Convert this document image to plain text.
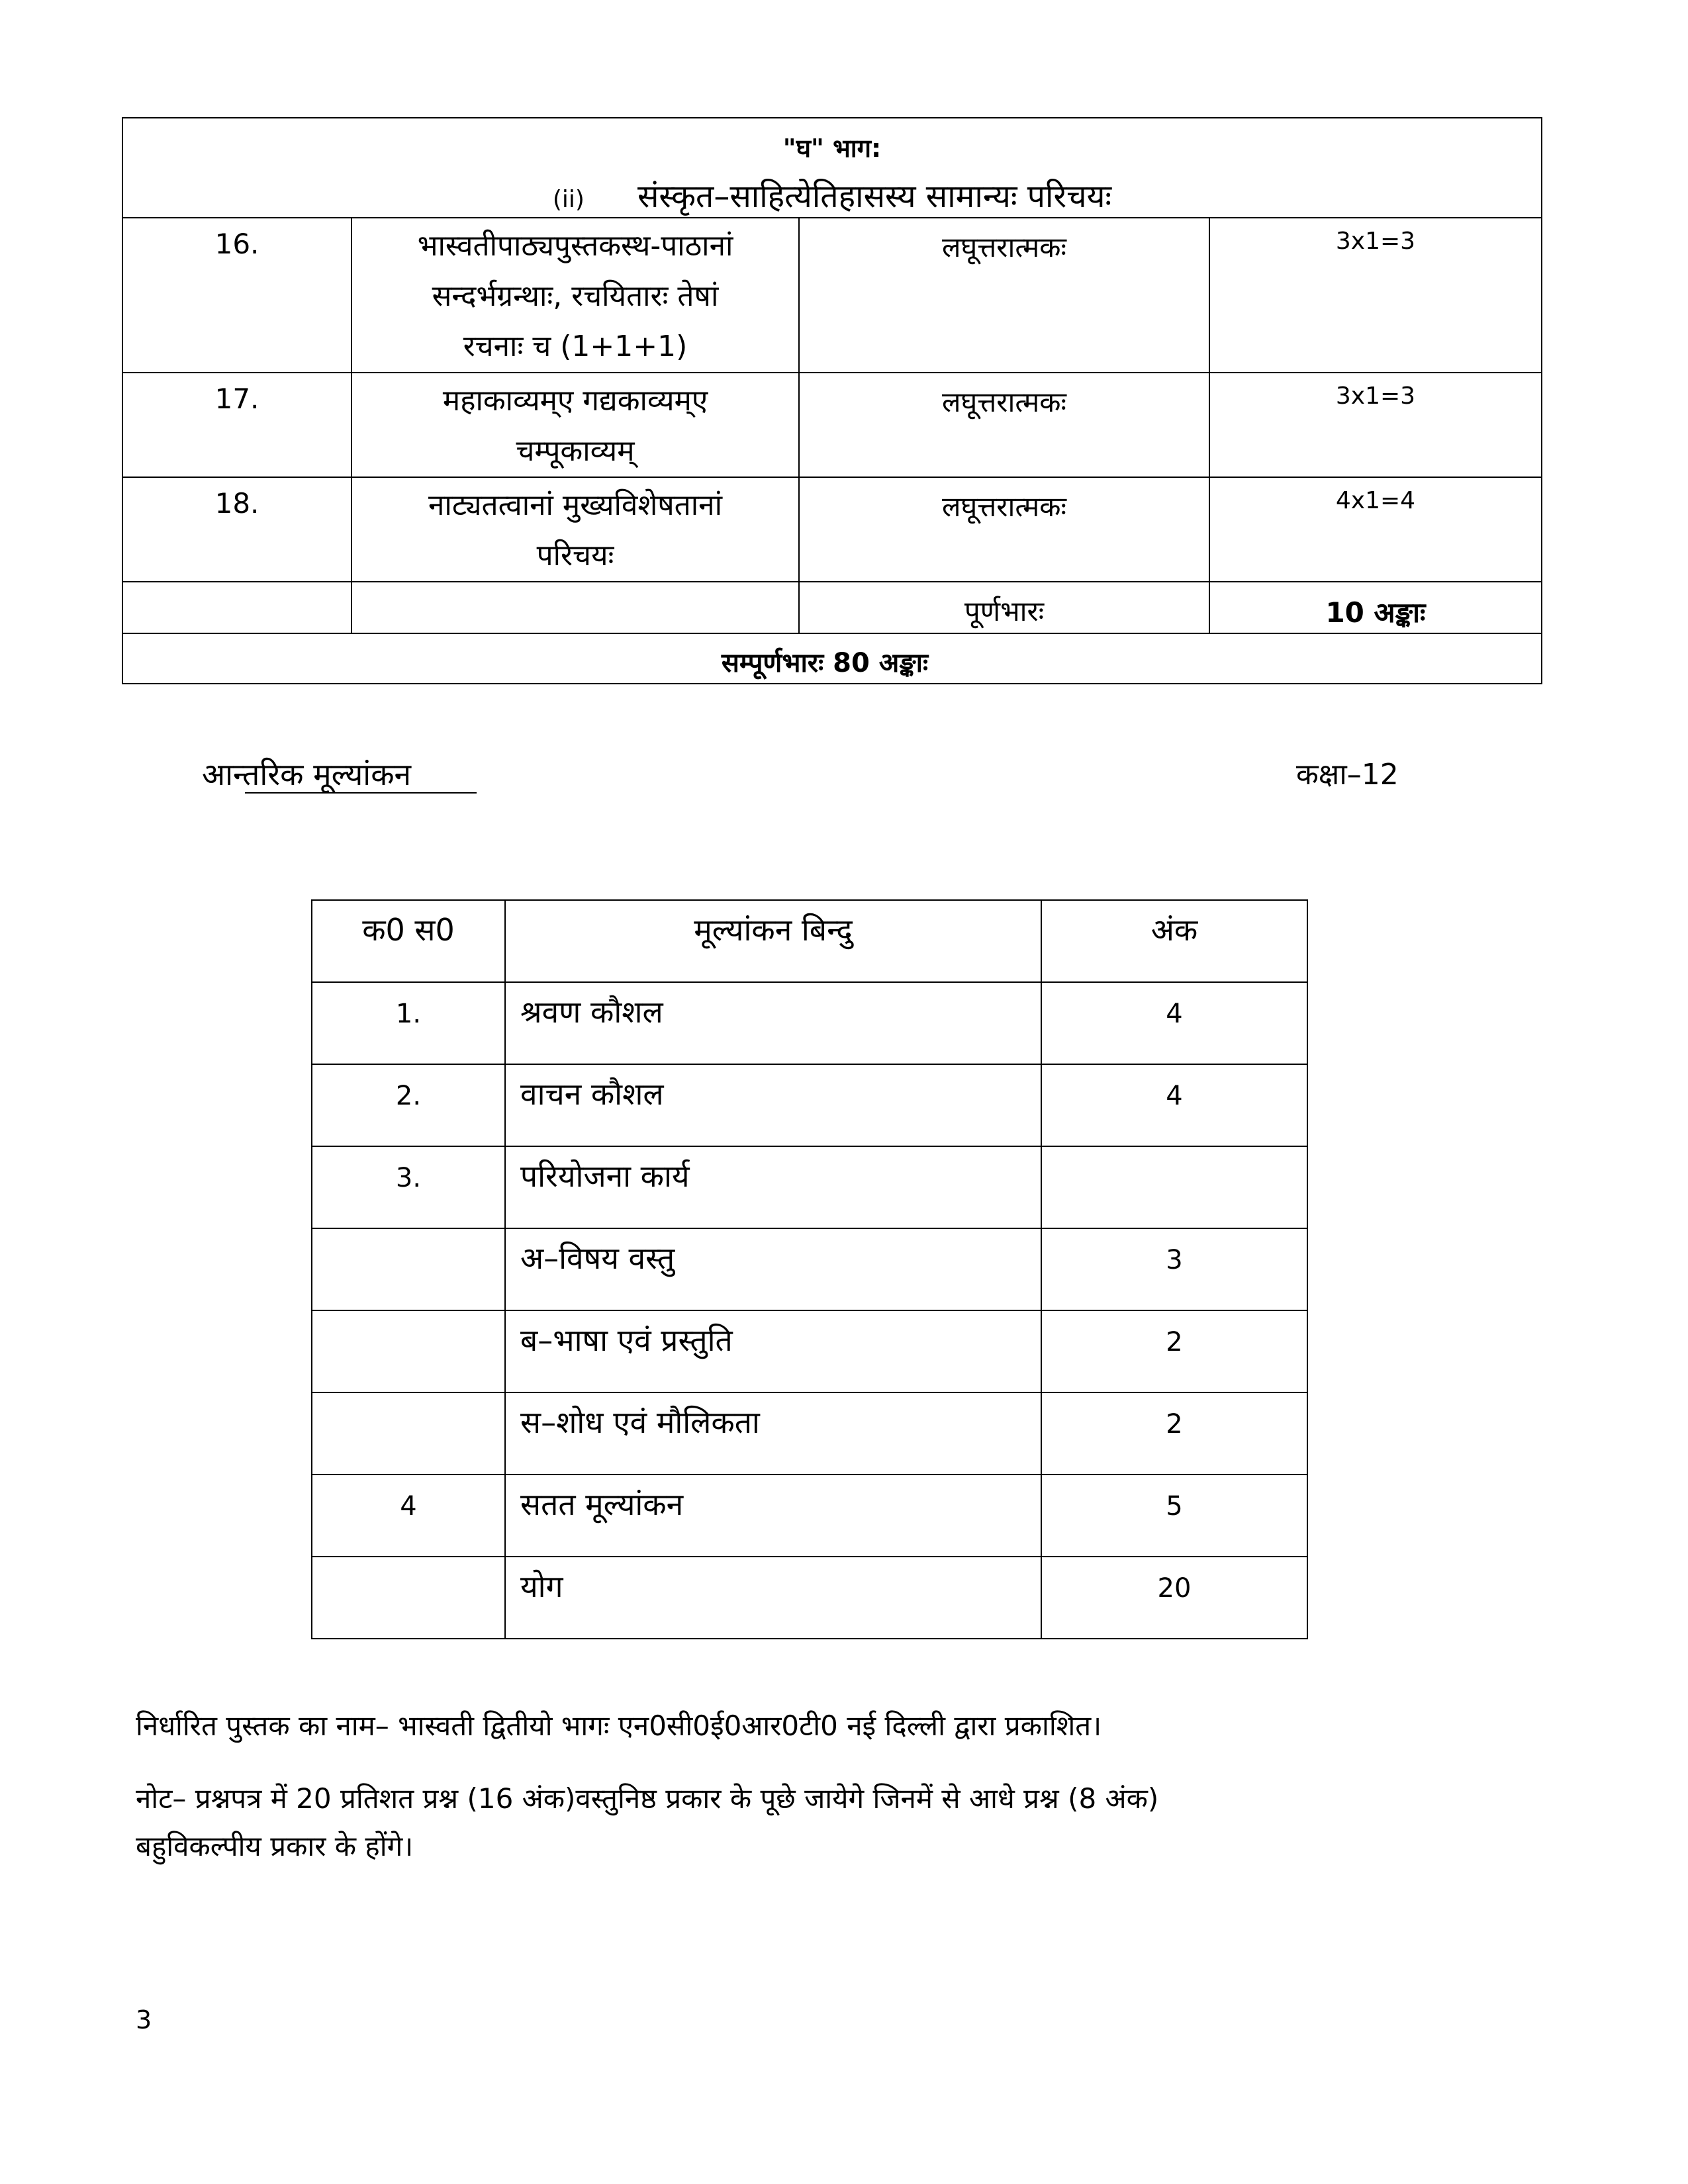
"घ" भाग:
(ii) संस्कृत–साहित्येतिहासस्य सामान्यः परिचयः			

16.	भास्वतीपाठ्यपुस्तकस्थ-पाठानां
सन्दर्भग्रन्थाः, रचयितारः तेषां
रचनाः च (1+1+1)	लघूत्तरात्मकः	3x1=3

17.	महाकाव्यम्ए गद्यकाव्यम्ए
चम्पूकाव्यम्	लघूत्तरात्मकः	3x1=3

18.	नाट्यतत्वानां मुख्यविशेषतानां
परिचयः	लघूत्तरात्मकः	4x1=4

		पूर्णभारः	10 अङ्काः

सम्पूर्णभारः 80 अङ्काः			
आन्तरिक मूल्यांकन	कक्षा–12
क0 स0	मूल्यांकन बिन्दु	अंक

1.	श्रवण कौशल	4

2.	वाचन कौशल	4

3.	परियोजना कार्य	

	अ–विषय वस्तु	3

	ब–भाषा एवं प्रस्तुति	2

	स–शोध एवं मौलिकता	2

4	सतत मूल्यांकन	5

	योग	20
निर्धारित पुस्तक का नाम– भास्वती द्वितीयो भागः एन0सी0ई0आर0टी0 नई दिल्ली द्वारा प्रकाशित।
नोट– प्रश्नपत्र में 20 प्रतिशत प्रश्न (16 अंक)वस्तुनिष्ठ प्रकार के पूछे जायेगे जिनमें से आधे प्रश्न (8 अंक)
बहुविकल्पीय प्रकार के होंगे।
3
